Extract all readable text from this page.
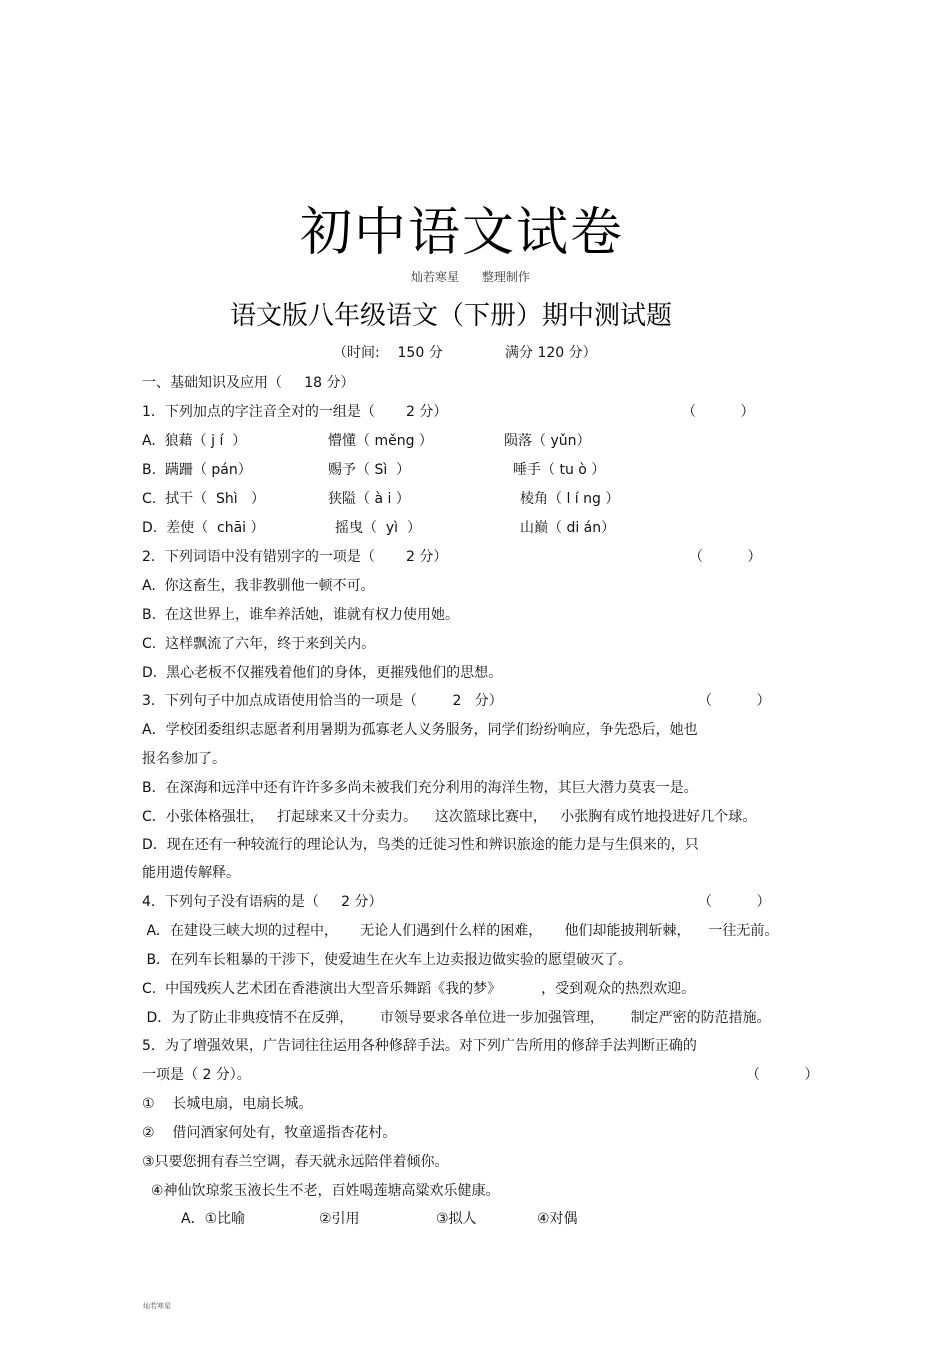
初中语文试卷
灿若寒星      整理制作
语文版八年级语文（下册）期中测试题
（时间:    150 分              满分 120 分）
一、基础知识及应用（     18 分）
1．下列加点的字注音全对的一组是（       2 分）	（          ）
A.  狼藉（ j í  ）	懵懂（ měng ）	陨落（ yǔn）
B.  蹒跚（ pán）	赐予（ Sì  ）	唾手（ tu ò ）
C.  拭干（  Shì   ）	狭隘（ à i ）	棱角（ l í ng ）
D.  差使（  chāi ）	摇曳（  yì  ）	山巅（ di án）
2．下列词语中没有错别字的一项是（       2 分）	（          ）
A.  你这畜生，我非教驯他一顿不可。
B.  在这世界上，谁牟养活她，谁就有权力使用她。
C.  这样飘流了六年，终于来到关内。
D.  黑心老板不仅摧残着他们的身体，更摧残他们的思想。
3．下列句子中加点成语使用恰当的一项是（        2   分）	（          ）
A．学校团委组织志愿者利用暑期为孤寡老人义务服务，同学们纷纷响应，争先恐后，她也
报名参加了。
B．在深海和远洋中还有许许多多尚未被我们充分利用的海洋生物，其巨大潜力莫衷一是。
C．小张体格强壮，   打起球来又十分卖力。    这次篮球比赛中，   小张胸有成竹地投进好几个球。
D．现在还有一种较流行的理论认为，鸟类的迁徙习性和辨识旅途的能力是与生俱来的，只
能用遗传解释。
4．下列句子没有语病的是（     2 分）	（          ）
A．在建设三峡大坝的过程中，     无论人们遇到什么样的困难，     他们却能披荆斩棘，    一往无前。
B．在列车长粗暴的干涉下，使爱迪生在火车上边卖报边做实验的愿望破灭了。
C.  中国残疾人艺术团在香港演出大型音乐舞蹈《我的梦》         ，受到观众的热烈欢迎。
D．为了防止非典疫情不在反弹，      市领导要求各单位进一步加强管理，      制定严密的防范措施。
5．为了增强效果，广告词往往运用各种修辞手法。对下列广告所用的修辞手法判断正确的
一项是（ 2 分）。	（          ）
①    长城电扇，电扇长城。
②    借问酒家何处有，牧童遥指杏花村。
③只要您拥有春兰空调，春天就永远陪伴着倾你。
④神仙饮琼浆玉液长生不老，百姓喝莲塘高粱欢乐健康。
A．①比喻	②引用	③拟人	④对偶
灿若寒星
